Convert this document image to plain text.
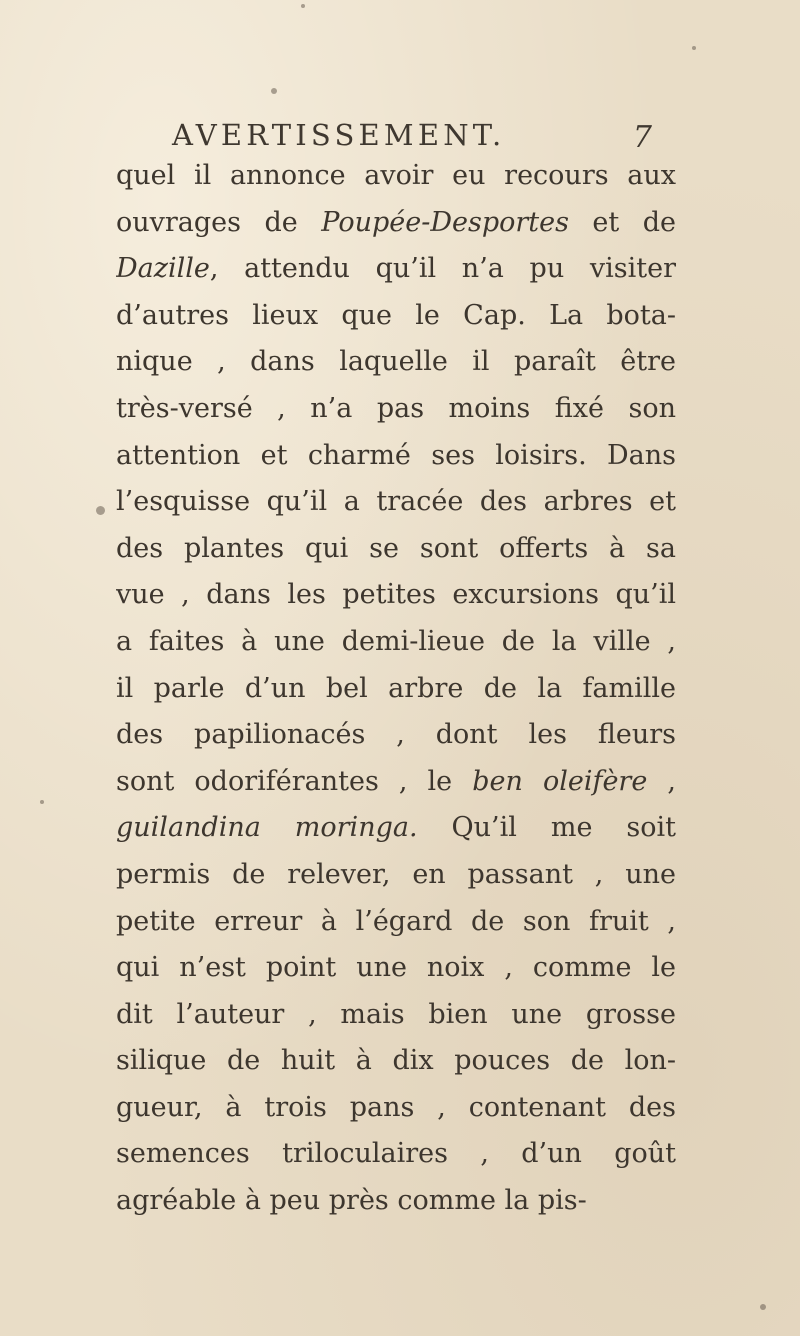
AVERTISSEMENT.	7
quel il annonce avoir eu recours aux
ouvrages de Poupée-Desportes et de
Dazille, attendu qu’il n’a pu visiter
d’autres lieux que le Cap. La bota-
nique , dans laquelle il paraît être
très-versé , n’a pas moins fixé son
attention et charmé ses loisirs. Dans
l’esquisse qu’il a tracée des arbres et
des plantes qui se sont offerts à sa
vue , dans les petites excursions qu’il
a faites à une demi-lieue de la ville ,
il parle d’un bel arbre de la famille
des papilionacés , dont les fleurs
sont odoriférantes , le ben oleifère ,
guilandina moringa. Qu’il me soit
permis de relever, en passant , une
petite erreur à l’égard de son fruit ,
qui n’est point une noix , comme le
dit l’auteur , mais bien une grosse
silique de huit à dix pouces de lon-
gueur, à trois pans , contenant des
semences triloculaires , d’un goût
agréable à peu près comme la pis-
